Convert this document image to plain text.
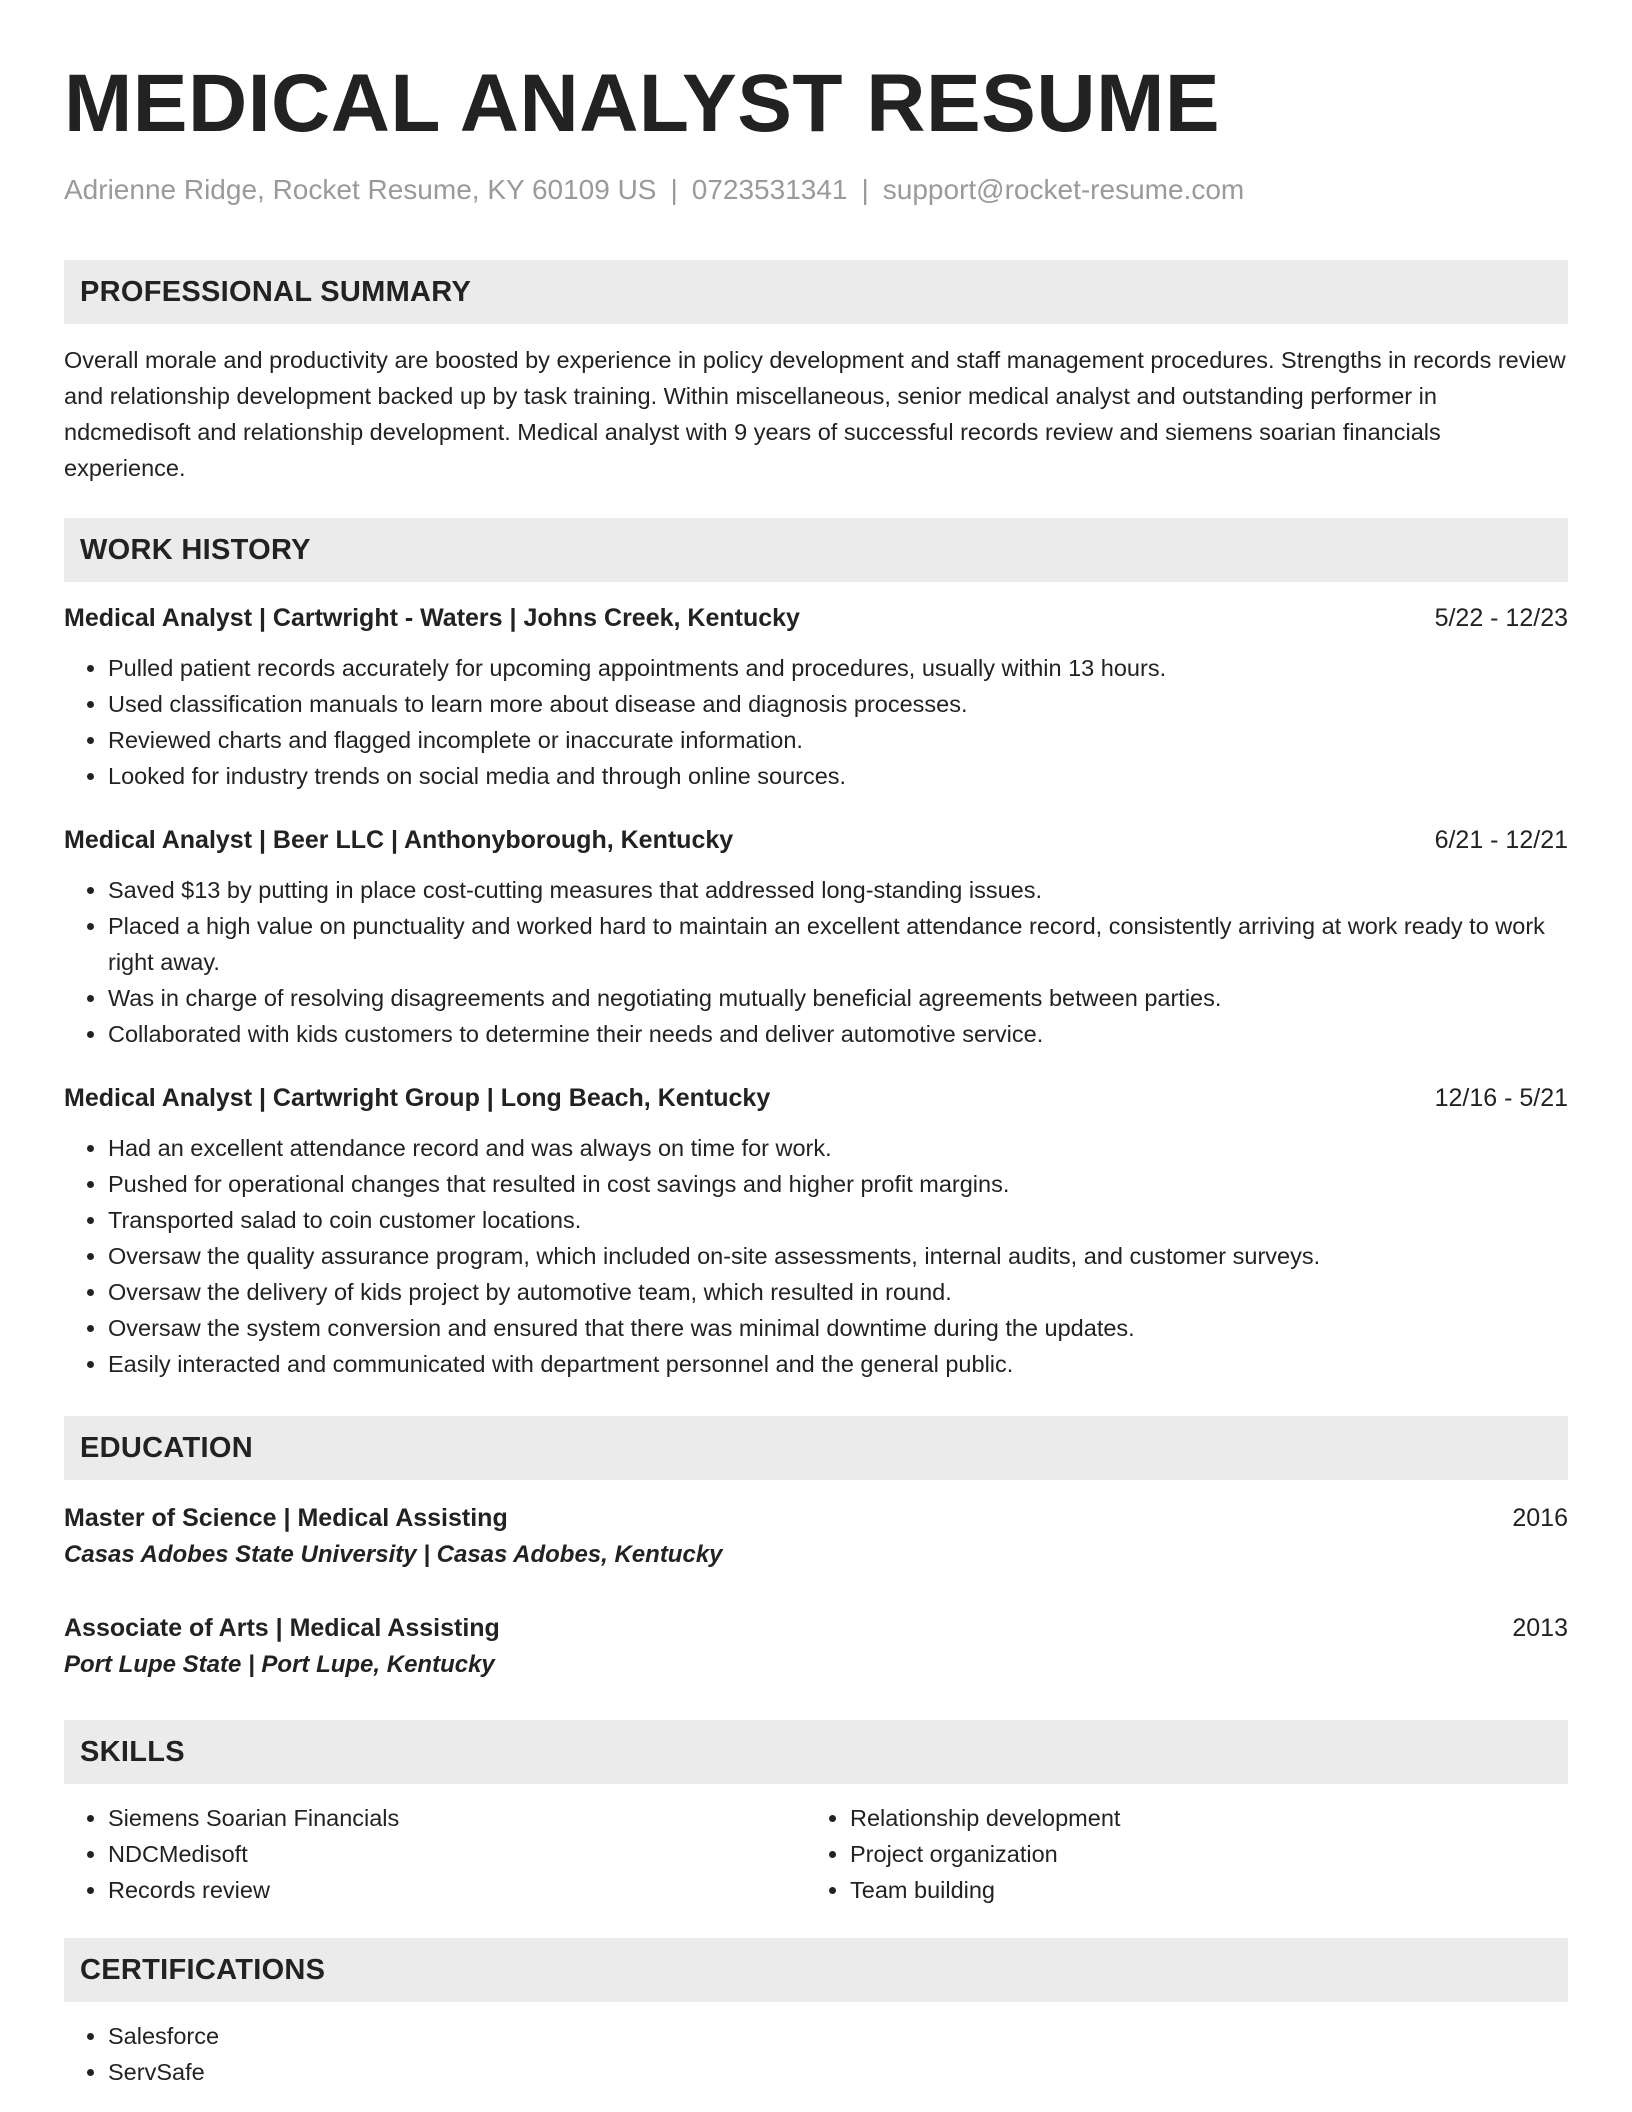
MEDICAL ANALYST RESUME
Adrienne Ridge, Rocket Resume, KY 60109 US | 0723531341 | support@rocket-resume.com
PROFESSIONAL SUMMARY

Overall morale and productivity are boosted by experience in policy development and staff management procedures. Strengths in records review and relationship development backed up by task training. Within miscellaneous, senior medical analyst and outstanding performer in ndcmedisoft and relationship development. Medical analyst with 9 years of successful records review and siemens soarian financials experience.

WORK HISTORY
Medical Analyst | Cartwright - Waters | Johns Creek, Kentucky	5/22 - 12/23
• Pulled patient records accurately for upcoming appointments and procedures, usually within 13 hours.
• Used classification manuals to learn more about disease and diagnosis processes.
• Reviewed charts and flagged incomplete or inaccurate information.
• Looked for industry trends on social media and through online sources.
Medical Analyst | Beer LLC | Anthonyborough, Kentucky	6/21 - 12/21
• Saved $13 by putting in place cost-cutting measures that addressed long-standing issues.
• Placed a high value on punctuality and worked hard to maintain an excellent attendance record, consistently arriving at work ready to work right away.
• Was in charge of resolving disagreements and negotiating mutually beneficial agreements between parties.
• Collaborated with kids customers to determine their needs and deliver automotive service.
Medical Analyst | Cartwright Group | Long Beach, Kentucky	12/16 - 5/21
• Had an excellent attendance record and was always on time for work.
• Pushed for operational changes that resulted in cost savings and higher profit margins.
• Transported salad to coin customer locations.
• Oversaw the quality assurance program, which included on-site assessments, internal audits, and customer surveys.
• Oversaw the delivery of kids project by automotive team, which resulted in round.
• Oversaw the system conversion and ensured that there was minimal downtime during the updates.
• Easily interacted and communicated with department personnel and the general public.
EDUCATION
Master of Science | Medical Assisting	2016
Casas Adobes State University | Casas Adobes, Kentucky
Associate of Arts | Medical Assisting	2013
Port Lupe State | Port Lupe, Kentucky
SKILLS
• Siemens Soarian Financials
• NDCMedisoft
• Records review
• Relationship development
• Project organization
• Team building
CERTIFICATIONS
• Salesforce
• ServSafe
